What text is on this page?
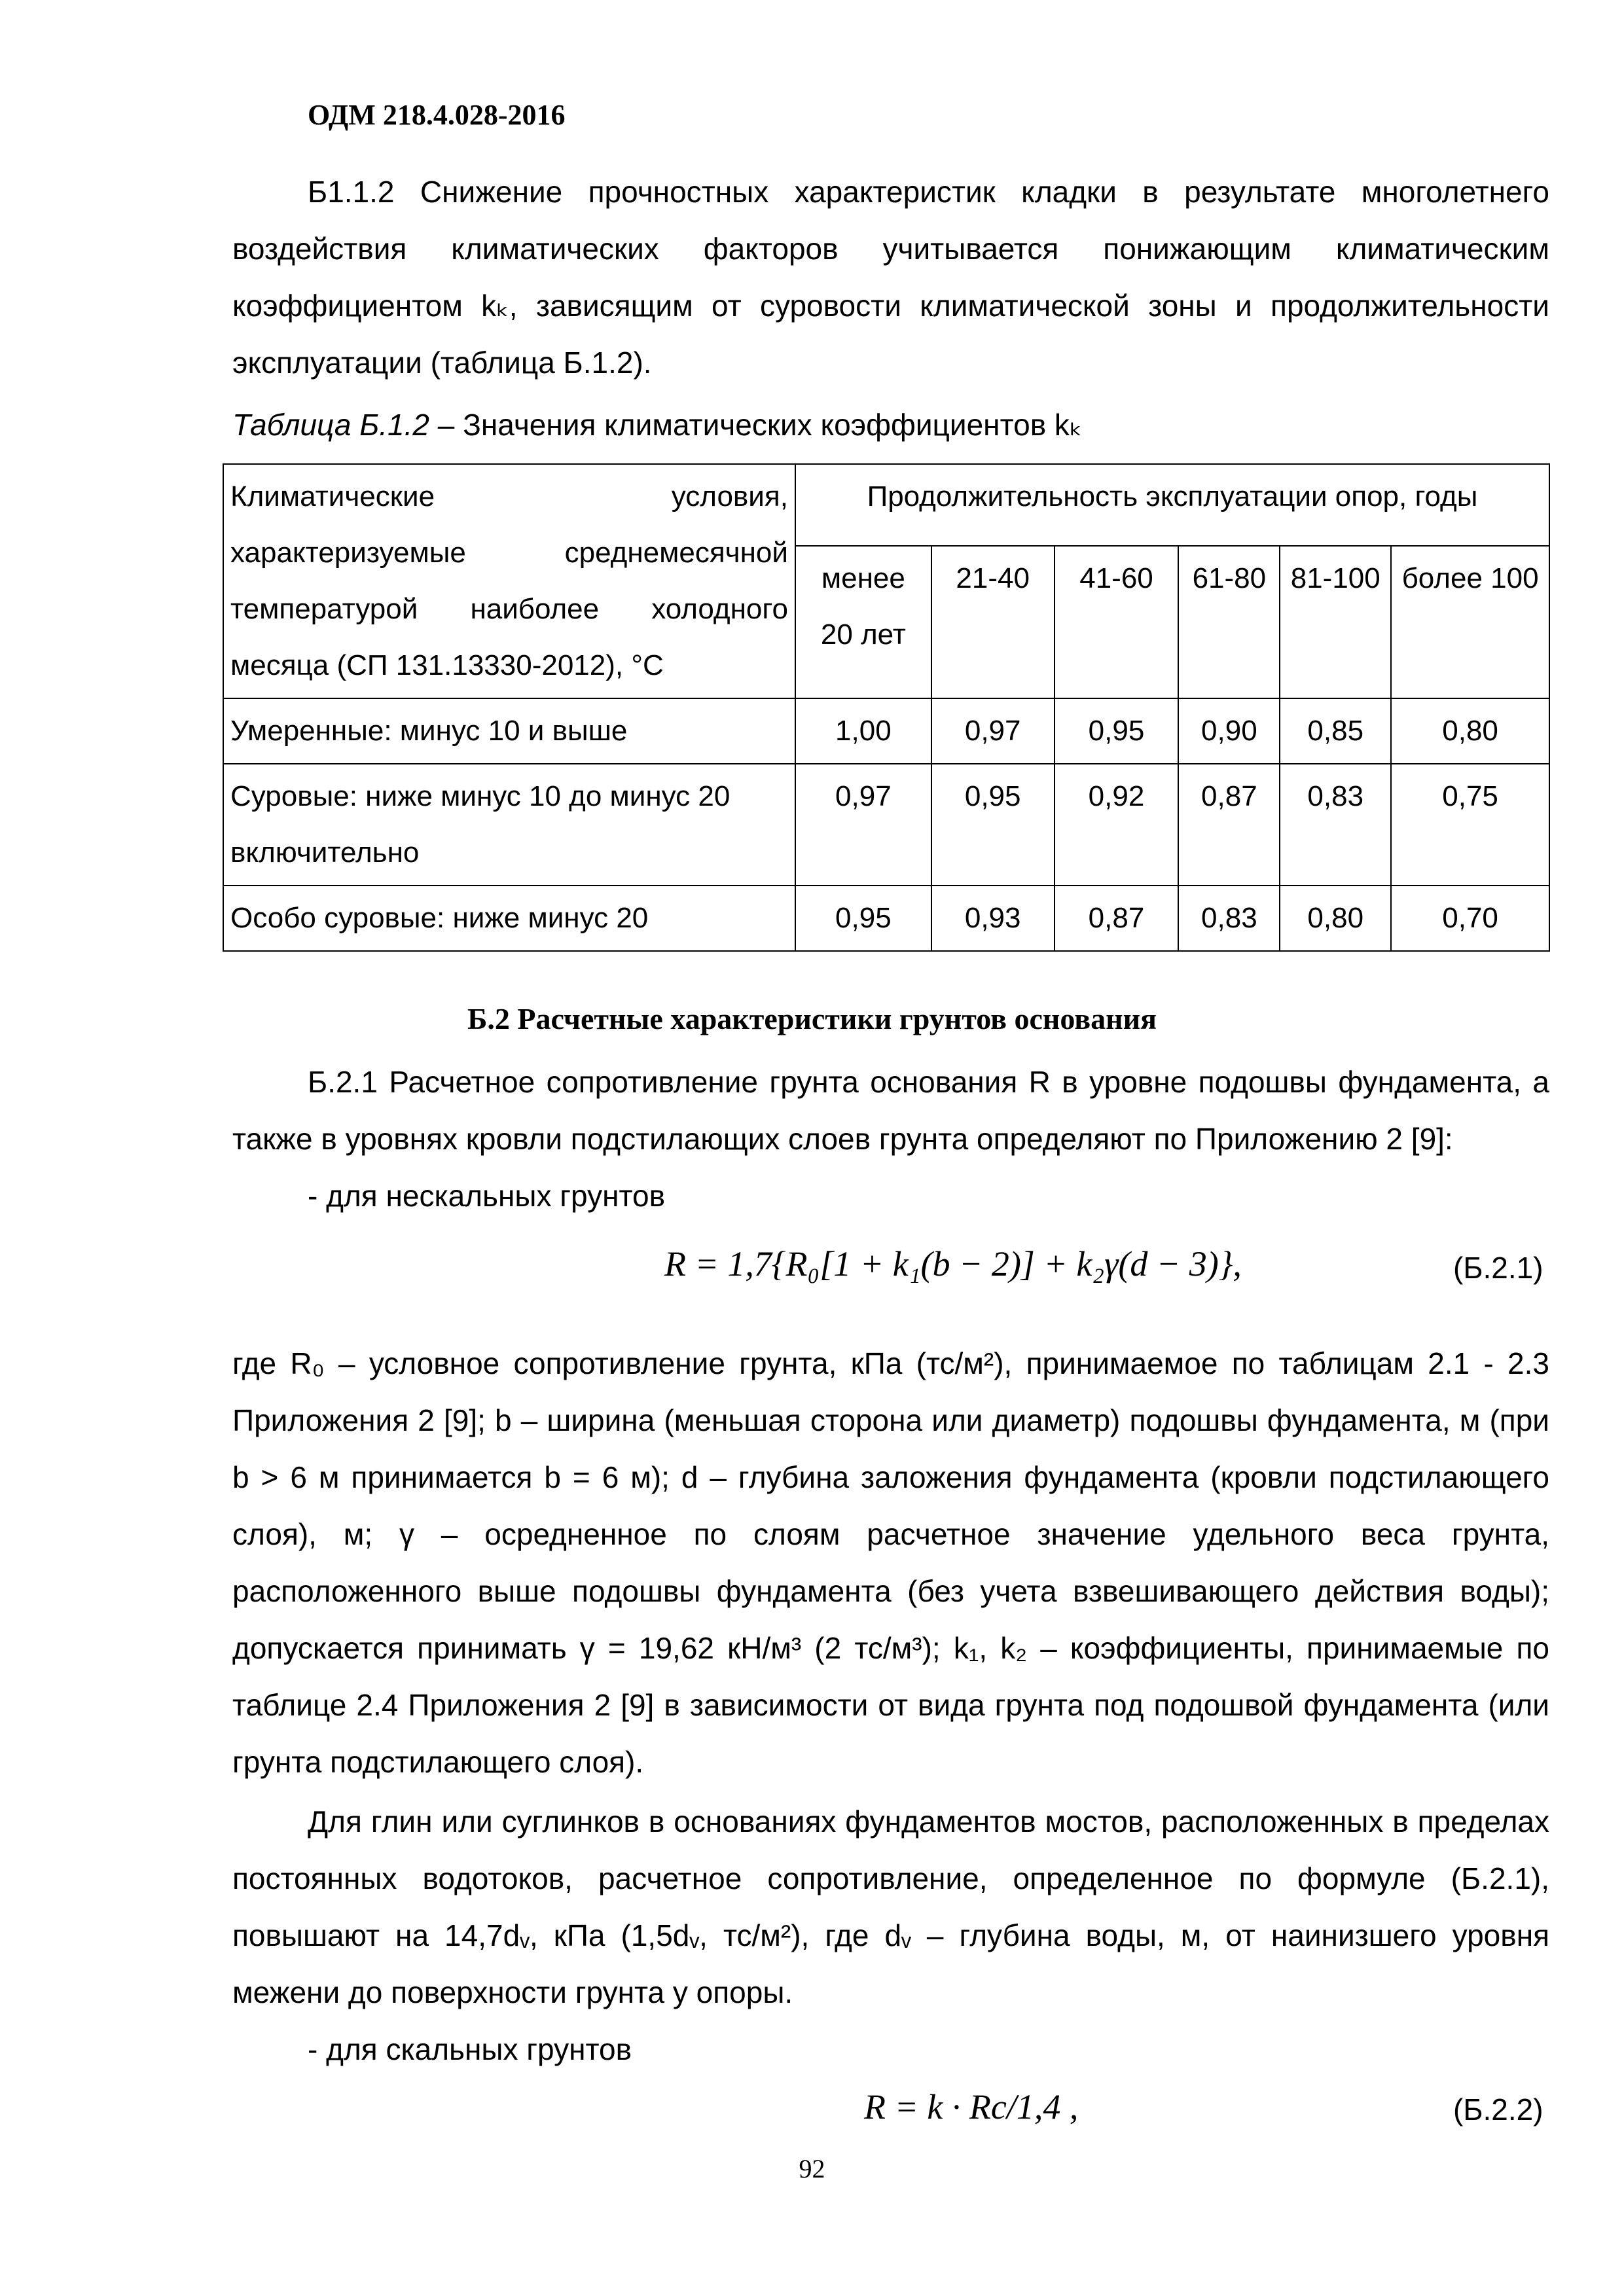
ОДМ 218.4.028-2016

Б1.1.2 Снижение прочностных характеристик кладки в результате многолетнего воздействия климатических факторов учитывается понижающим климатическим коэффициентом kₖ, зависящим от суровости климатической зоны и продолжительности эксплуатации (таблица Б.1.2).

Таблица Б.1.2 – Значения климатических коэффициентов kₖ
Климатические условия, характеризуемые среднемесячной температурой наиболее холодного месяца (СП 131.13330-2012), °С	Продолжительность эксплуатации опор, годы					
	менее 20 лет	21-40	41-60	61-80	81-100	более 100
Умеренные: минус 10 и выше	1,00	0,97	0,95	0,90	0,85	0,80
Суровые: ниже минус 10 до минус 20 включительно	0,97	0,95	0,92	0,87	0,83	0,75
Особо суровые: ниже минус 20	0,95	0,93	0,87	0,83	0,80	0,70
Б.2 Расчетные характеристики грунтов основания

Б.2.1 Расчетное сопротивление грунта основания R в уровне подошвы фундамента, а также в уровнях кровли подстилающих слоев грунта определяют по Приложению 2 [9]:

- для нескальных грунтов

R = 1,7{R₀[1 + k₁(b − 2)] + k₂γ(d − 3)},	(Б.2.1)

где R₀ – условное сопротивление грунта, кПа (тс/м²), принимаемое по таблицам 2.1 - 2.3 Приложения 2 [9]; b – ширина (меньшая сторона или диаметр) подошвы фундамента, м (при b > 6 м принимается b = 6 м); d – глубина заложения фундамента (кровли подстилающего слоя), м; γ – осредненное по слоям расчетное значение удельного веса грунта, расположенного выше подошвы фундамента (без учета взвешивающего действия воды); допускается принимать γ = 19,62 кН/м³ (2 тс/м³); k₁, k₂ – коэффициенты, принимаемые по таблице 2.4 Приложения 2 [9] в зависимости от вида грунта под подошвой фундамента (или грунта подстилающего слоя).

Для глин или суглинков в основаниях фундаментов мостов, расположенных в пределах постоянных водотоков, расчетное сопротивление, определенное по формуле (Б.2.1), повышают на 14,7dᵥ, кПа (1,5dᵥ, тс/м²), где dᵥ – глубина воды, м, от наинизшего уровня межени до поверхности грунта у опоры.

- для скальных грунтов

R = k · Rc/1,4 ,	(Б.2.2)
92
